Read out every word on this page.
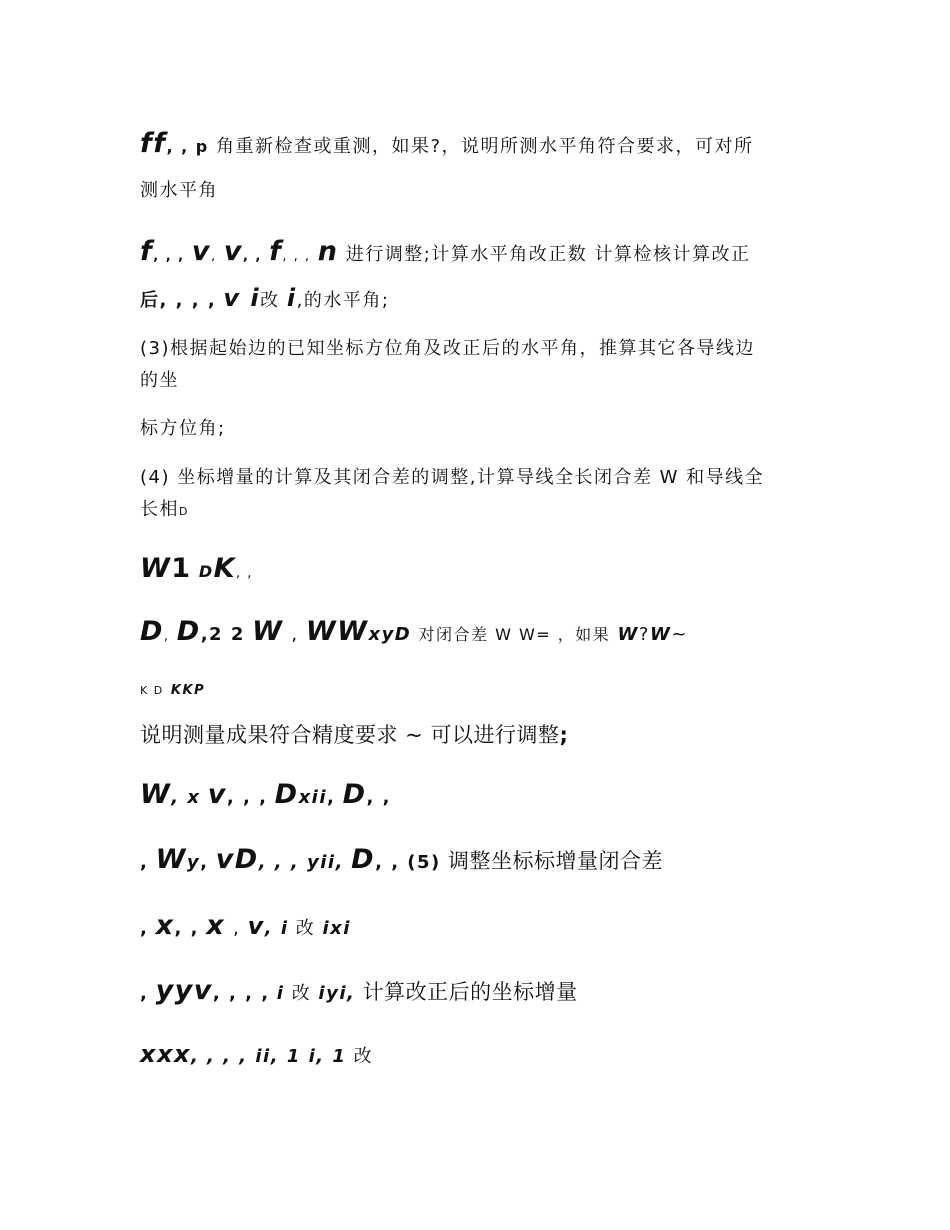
ff, , p 角重新检查或重测，如果?，说明所测水平角符合要求，可对所
测水平角
f, , , v, v, , f, , , n 进行调整;计算水平角改正数 计算检核计算改正
后, , , , v i改 i,的水平角;
(3)根据起始边的已知坐标方位角及改正后的水平角，推算其它各导线边
的坐
标方位角;
(4) 坐标增量的计算及其闭合差的调整,计算导线全长闭合差 W 和导线全
长相D
W1 DK, ,
D, D,2 2 W , WWxyD 对闭合差 W W= ，如果 W?W~
K D KKP
说明测量成果符合精度要求 ~ 可以进行调整;
W, x v, , , Dxii, D, ,
, Wy, vD, , , yii, D, , (5) 调整坐标标增量闭合差
, x, , x , v, i 改 ixi
, yyv, , , , i 改 iyi, 计算改正后的坐标增量
xxx, , , , ii, 1 i, 1 改
